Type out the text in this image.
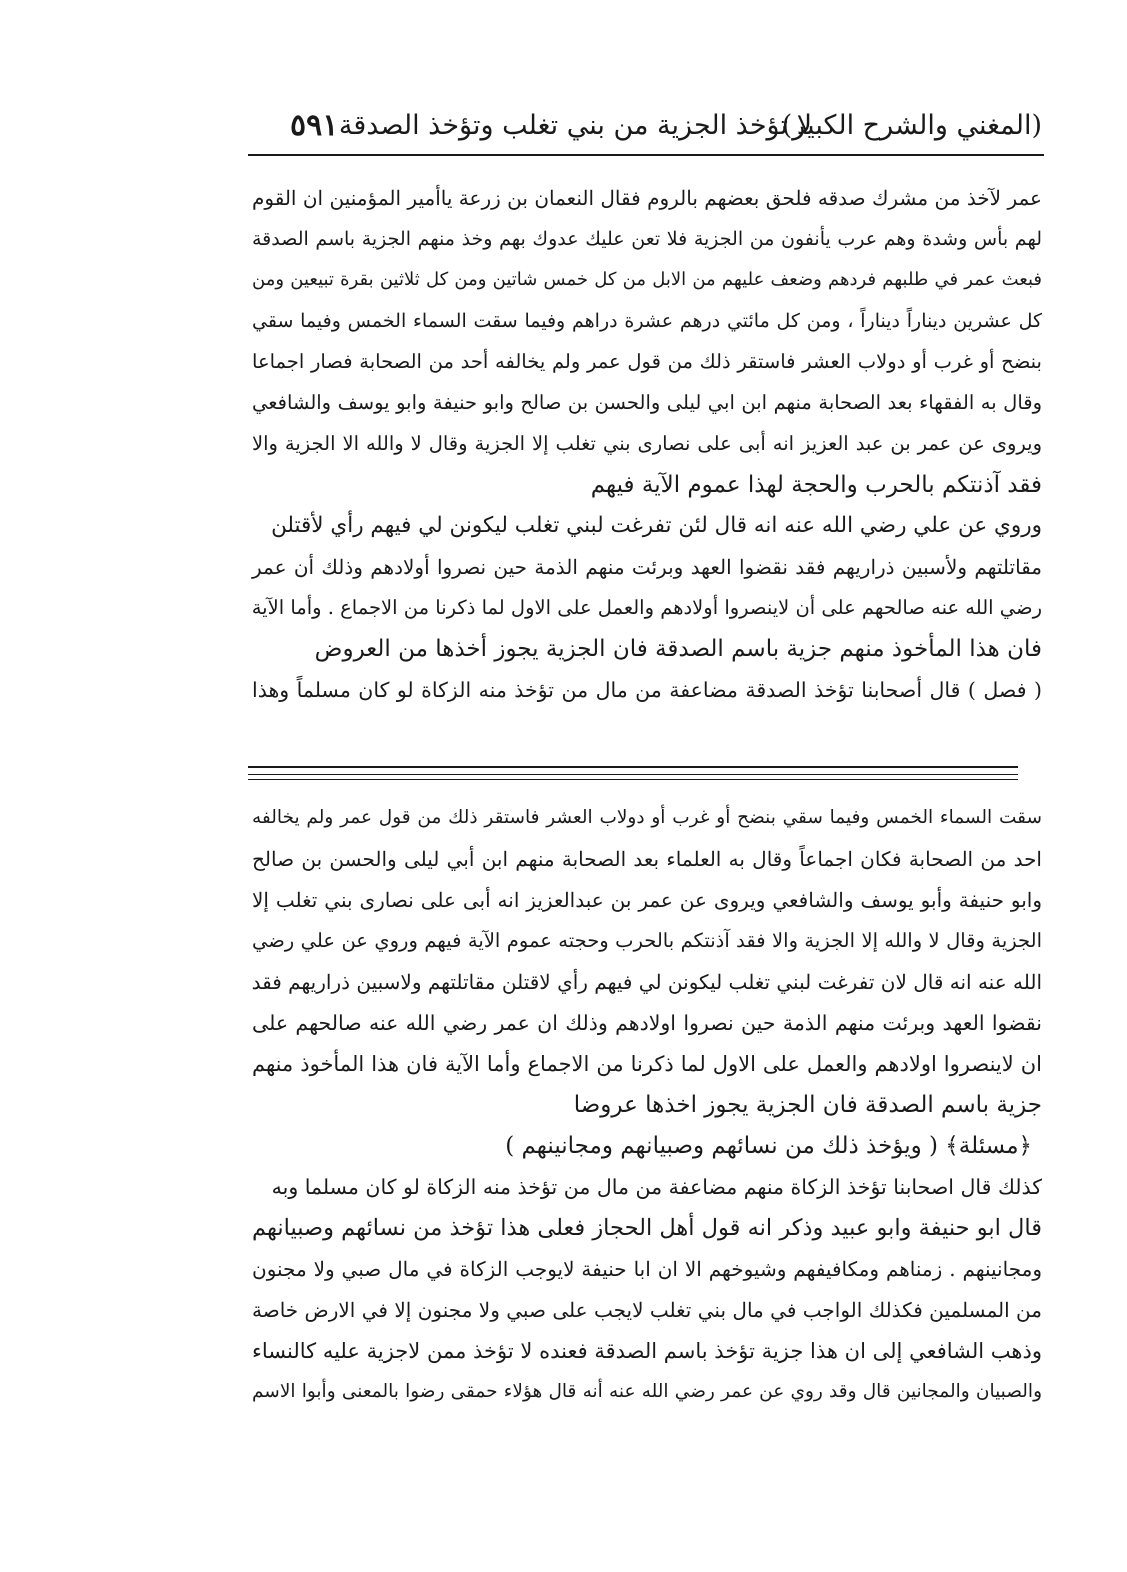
(المغني والشرح الكبير)
لا تؤخذ الجزية من بني تغلب وتؤخذ الصدقة
٥٩١
عمر لآخذ من مشرك صدقه فلحق بعضهم بالروم فقال النعمان بن زرعة ياأمير المؤمنين ان القوم
لهم بأس وشدة وهم عرب يأنفون من الجزية فلا تعن عليك عدوك بهم وخذ منهم الجزية باسم الصدقة
فبعث عمر في طلبهم فردهم وضعف عليهم من الابل من كل خمس شاتين ومن كل ثلاثين بقرة تبيعين ومن
كل عشرين ديناراً ديناراً ، ومن كل مائتي درهم عشرة دراهم وفيما سقت السماء الخمس وفيما سقي
بنضح أو غرب أو دولاب العشر فاستقر ذلك من قول عمر ولم يخالفه أحد من الصحابة فصار اجماعا
وقال به الفقهاء بعد الصحابة منهم ابن ابي ليلى والحسن بن صالح وابو حنيفة وابو يوسف والشافعي
ويروى عن عمر بن عبد العزيز انه أبى على نصارى بني تغلب إلا الجزية وقال لا والله الا الجزية والا
فقد آذنتكم بالحرب والحجة لهذا عموم الآية فيهم
وروي عن علي رضي الله عنه انه قال لئن تفرغت لبني تغلب ليكونن لي فيهم رأي لأقتلن
مقاتلتهم ولأسبين ذراريهم فقد نقضوا العهد وبرئت منهم الذمة حين نصروا أولادهم وذلك أن عمر
رضي الله عنه صالحهم على أن لاينصروا أولادهم والعمل على الاول لما ذكرنا من الاجماع . وأما الآية
فان هذا المأخوذ منهم جزية باسم الصدقة فان الجزية يجوز أخذها من العروض
( فصل ) قال أصحابنا تؤخذ الصدقة مضاعفة من مال من تؤخذ منه الزكاة لو كان مسلماً وهذا
سقت السماء الخمس وفيما سقي بنضح أو غرب أو دولاب العشر فاستقر ذلك من قول عمر ولم يخالفه
احد من الصحابة فكان اجماعاً وقال به العلماء بعد الصحابة منهم ابن أبي ليلى والحسن بن صالح
وابو حنيفة وأبو يوسف والشافعي ويروى عن عمر بن عبدالعزيز انه أبى على نصارى بني تغلب إلا
الجزية وقال لا والله إلا الجزية والا فقد آذنتكم بالحرب وحجته عموم الآية فيهم وروي عن علي رضي
الله عنه انه قال لان تفرغت لبني تغلب ليكونن لي فيهم رأي لاقتلن مقاتلتهم ولاسبين ذراريهم فقد
نقضوا العهد وبرئت منهم الذمة حين نصروا اولادهم وذلك ان عمر رضي الله عنه صالحهم على
ان لاينصروا اولادهم والعمل على الاول لما ذكرنا من الاجماع وأما الآية فان هذا المأخوذ منهم
جزية باسم الصدقة فان الجزية يجوز اخذها عروضا
﴿مسئلة﴾ ( ويؤخذ ذلك من نسائهم وصبيانهم ومجانينهم )
كذلك قال اصحابنا تؤخذ الزكاة منهم مضاعفة من مال من تؤخذ منه الزكاة لو كان مسلما وبه
قال ابو حنيفة وابو عبيد وذكر انه قول أهل الحجاز فعلى هذا تؤخذ من نسائهم وصبيانهم
ومجانينهم . زمناهم ومكافيفهم وشيوخهم الا ان ابا حنيفة لايوجب الزكاة في مال صبي ولا مجنون
من المسلمين فكذلك الواجب في مال بني تغلب لايجب على صبي ولا مجنون إلا في الارض خاصة
وذهب الشافعي إلى ان هذا جزية تؤخذ باسم الصدقة فعنده لا تؤخذ ممن لاجزية عليه كالنساء
والصبيان والمجانين قال وقد روي عن عمر رضي الله عنه أنه قال هؤلاء حمقى رضوا بالمعنى وأبوا الاسم
